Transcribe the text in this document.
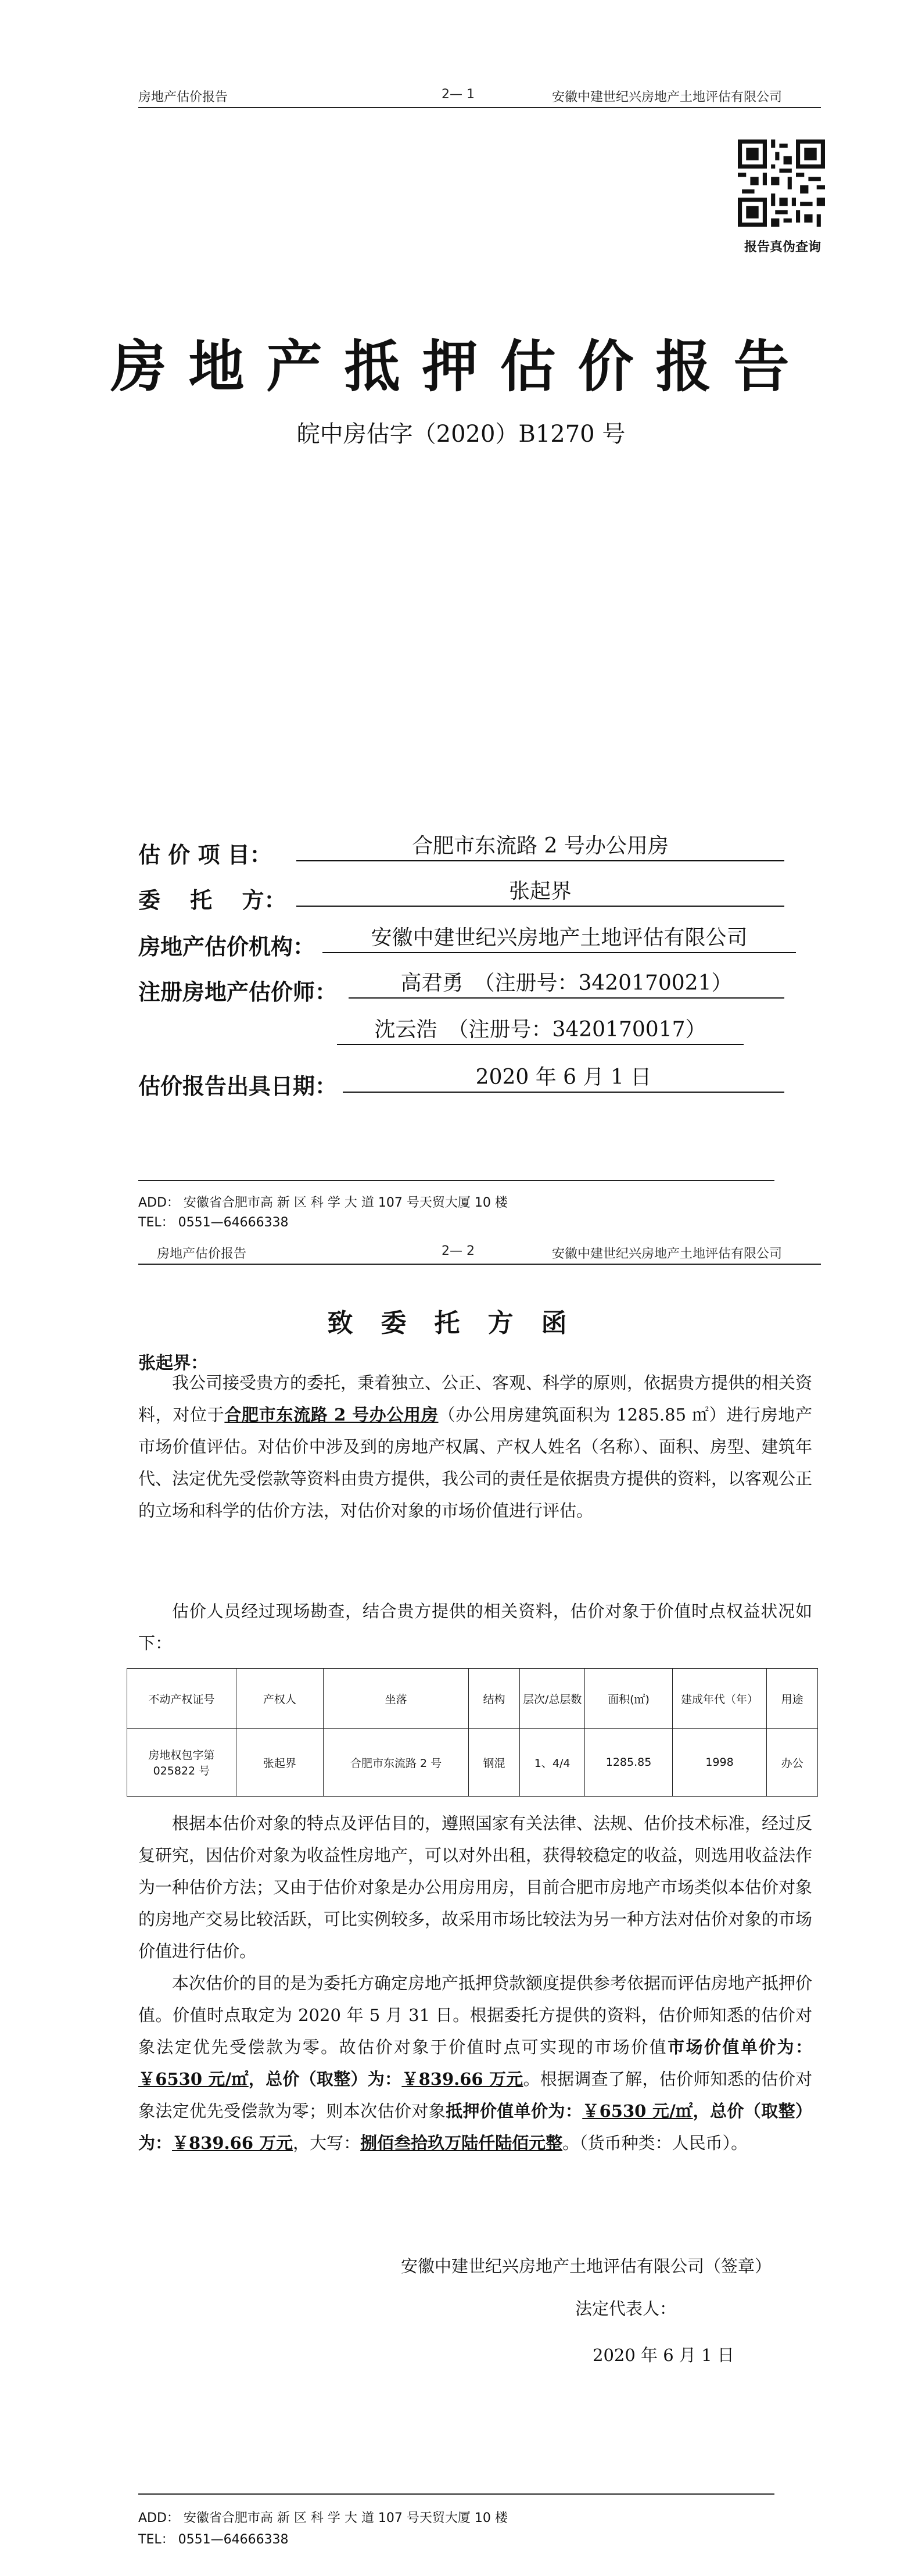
房地产估价报告	2— 1	安徽中建世纪兴房地产土地评估有限公司
报告真伪查询
房地产抵押估价报告
皖中房估字（2020）B1270 号
估 价 项 目：	合肥市东流路 2 号办公用房
委　 托　 方：	张起界
房地产估价机构：	安徽中建世纪兴房地产土地评估有限公司
注册房地产估价师：	高君勇　（注册号：3420170021）
沈云浩　（注册号：3420170017）
估价报告出具日期：	2020 年 6 月 1 日
ADD： 安徽省合肥市高 新 区 科 学 大 道 107 号天贸大厦 10 楼
TEL： 0551—64666338
房地产估价报告	2— 2	安徽中建世纪兴房地产土地评估有限公司
致委托方函
张起界：

我公司接受贵方的委托，秉着独立、公正、客观、科学的原则，依据贵方提供的相关资料，对位于合肥市东流路 2 号办公用房（办公用房建筑面积为 1285.85 ㎡）进行房地产市场价值评估。对估价中涉及到的房地产权属、产权人姓名（名称）、面积、房型、建筑年代、法定优先受偿款等资料由贵方提供，我公司的责任是依据贵方提供的资料，以客观公正的立场和科学的估价方法，对估价对象的市场价值进行评估。

估价人员经过现场勘查，结合贵方提供的相关资料，估价对象于价值时点权益状况如下：

不动产权证号	产权人	坐落	结构	层次/总层数	面积(㎡)	建成年代（年）	用途
房地权包字第 025822 号	张起界	合肥市东流路 2 号	钢混	1、4/4	1285.85	1998	办公

根据本估价对象的特点及评估目的，遵照国家有关法律、法规、估价技术标准，经过反复研究，因估价对象为收益性房地产，可以对外出租，获得较稳定的收益，则选用收益法作为一种估价方法；又由于估价对象是办公用房用房，目前合肥市房地产市场类似本估价对象的房地产交易比较活跃，可比实例较多，故采用市场比较法为另一种方法对估价对象的市场价值进行估价。

本次估价的目的是为委托方确定房地产抵押贷款额度提供参考依据而评估房地产抵押价值。价值时点取定为 2020 年 5 月 31 日。根据委托方提供的资料，估价师知悉的估价对象法定优先受偿款为零。故估价对象于价值时点可实现的市场价值市场价值单价为：￥6530 元/㎡，总价（取整）为：￥839.66 万元。根据调查了解，估价师知悉的估价对象法定优先受偿款为零；则本次估价对象抵押价值单价为：￥6530 元/㎡，总价（取整）为：￥839.66 万元，大写：捌佰叁拾玖万陆仟陆佰元整。（货币种类：人民币）。

安徽中建世纪兴房地产土地评估有限公司（签章）
法定代表人：
2020 年 6 月 1 日
ADD： 安徽省合肥市高 新 区 科 学 大 道 107 号天贸大厦 10 楼
TEL： 0551—64666338
